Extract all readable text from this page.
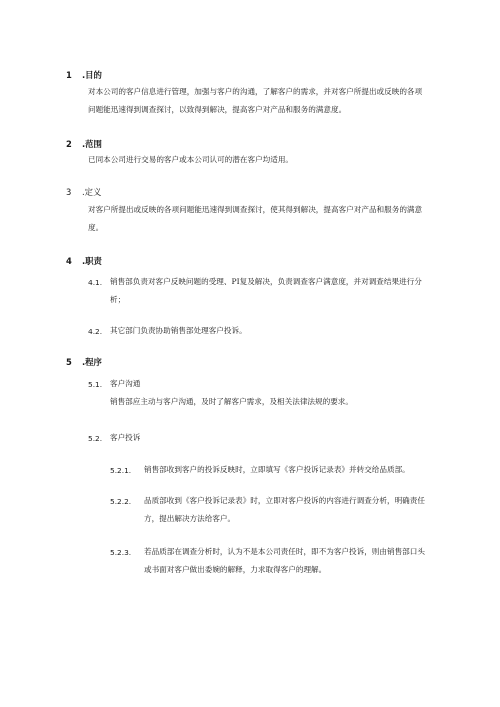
1 .目的
对本公司的客户信息进行管理，加强与客户的沟通，了解客户的需求，并对客户所提出或反映的各项
问题能迅速得到调查探讨，以致得到解决，提高客户对产品和服务的满意度。
2 .范围
已同本公司进行交易的客户或本公司认可的潜在客户均适用。
3 .定义
对客户所提出或反映的各项问题能迅速得到调查探讨，使其得到解决，提高客户对产品和服务的满意
度。
4 .职责
4.1. 销售部负责对客户反映问题的受理、PI复及解决，负责调查客户满意度，并对调查结果进行分
析；
4.2. 其它部门负责协助销售部处理客户投诉。
5 .程序
5.1. 客户沟通
销售部应主动与客户沟通，及时了解客户需求，及相关法律法规的要求。
5.2. 客户投诉
5.2.1. 销售部收到客户的投诉反映时，立即填写《客户投诉记录表》并转交给品质部。
5.2.2. 品质部收到《客户投诉记录表》时，立即对客户投诉的内容进行调查分析，明确责任
方，提出解决方法给客户。
5.2.3. 若品质部在调查分析时，认为不是本公司责任时，即不为客户投诉，则由销售部口头
或书面对客户做出委婉的解释，力求取得客户的理解。
